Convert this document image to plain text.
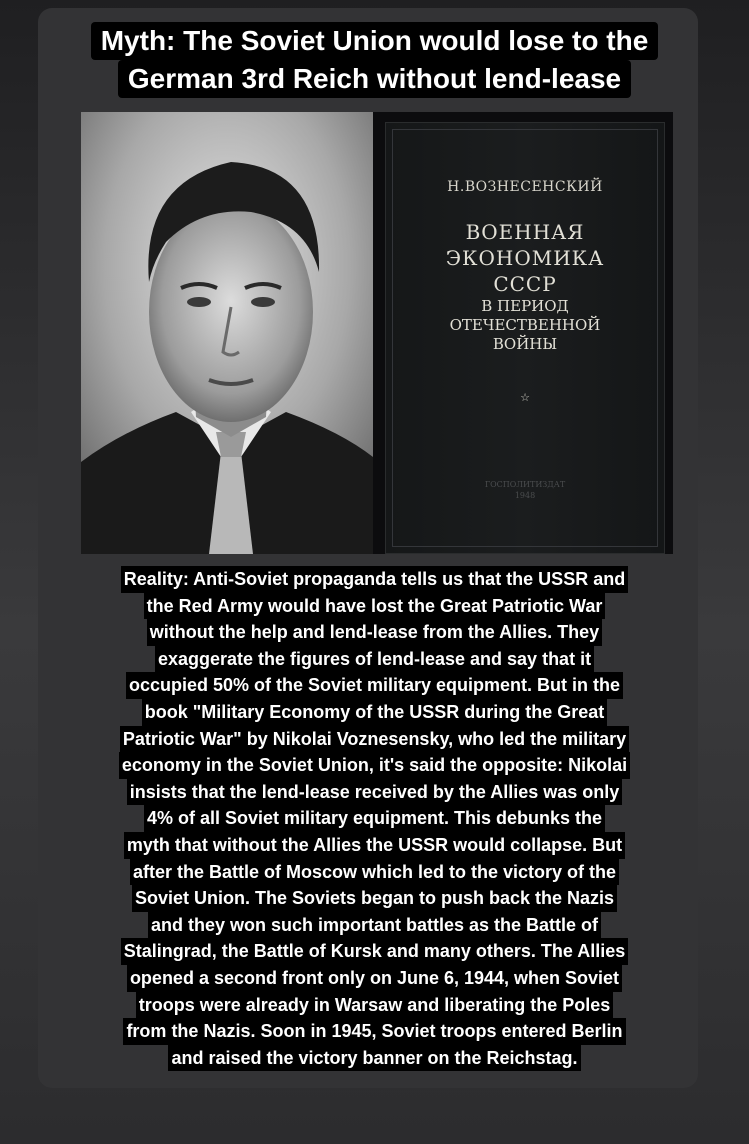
Myth: The Soviet Union would lose to the
German 3rd Reich without lend-lease
Н.ВОЗНЕСЕНСКИЙ
ВОЕННАЯ
ЭКОНОМИКА
СССР
В ПЕРИОД
ОТЕЧЕСТВЕННОЙ
ВОЙНЫ
☆
ГОСПОЛИТИЗДАТ
1948
Reality: Anti-Soviet propaganda tells us that the USSR and
the Red Army would have lost the Great Patriotic War
without the help and lend-lease from the Allies. They
exaggerate the figures of lend-lease and say that it
occupied 50% of the Soviet military equipment. But in the
book "Military Economy of the USSR during the Great
Patriotic War" by Nikolai Voznesensky, who led the military
economy in the Soviet Union, it's said the opposite: Nikolai
insists that the lend-lease received by the Allies was only
4% of all Soviet military equipment. This debunks the
myth that without the Allies the USSR would collapse. But
after the Battle of Moscow which led to the victory of the
Soviet Union. The Soviets began to push back the Nazis
and they won such important battles as the Battle of
Stalingrad, the Battle of Kursk and many others. The Allies
opened a second front only on June 6, 1944, when Soviet
troops were already in Warsaw and liberating the Poles
from the Nazis. Soon in 1945, Soviet troops entered Berlin
and raised the victory banner on the Reichstag.
